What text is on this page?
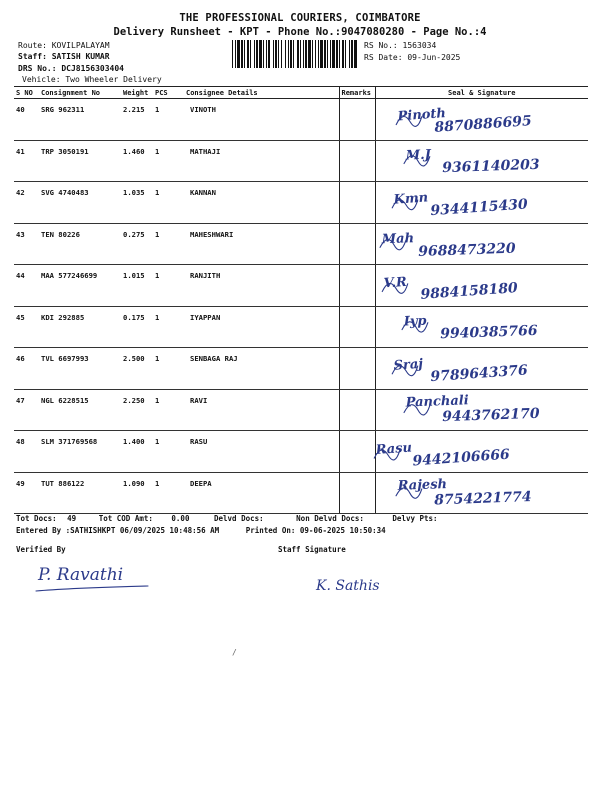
THE PROFESSIONAL COURIERS, COIMBATORE
Delivery Runsheet - KPT - Phone No.:9047080280 - Page No.:4
Route: KOVILPALAYAM
Staff: SATISH KUMAR
DRS No.: DCJ8156303404
Vehicle: Two Wheeler Delivery
RS No.: 1563034
RS Date: 09-Jun-2025
S NO	Consignment No	Weight	PCS	Consignee Details	Remarks	Seal & Signature
40	SRG 962311	2.215	1	VINOTH		Pinoth
8870886695

41	TRP 3050191	1.460	1	MATHAJI		M.J
9361140203

42	SVG 4740483	1.035	1	KANNAN		Kmn 9344115430

43	TEN 80226	0.275	1	MAHESHWARI		Mah
9688473220

44	MAA 577246699	1.015	1	RANJITH		V.R 9884158180

45	KDI 292885	0.175	1	IYAPPAN		Iyp
9940385766

46	TVL 6697993	2.500	1	SENBAGA RAJ		Sraj 9789643376

47	NGL 6228515	2.250	1	RAVI		Panchali
9443762170

48	SLM 371769568	1.400	1	RASU		Rasu 9442106666

49	TUT 886122	1.090	1	DEEPA		Rajesh
8754221774
Tot Docs: 49	Tot COD Amt: 0.00	Delvd Docs:	Non Delvd Docs:	Delvy Pts:
Entered By :SATHISHKPT 06/09/2025 10:48:56 AM	Printed On: 09-06-2025 10:50:34
Verified By	Staff Signature
P. Ravathi
K. Sathis
/
